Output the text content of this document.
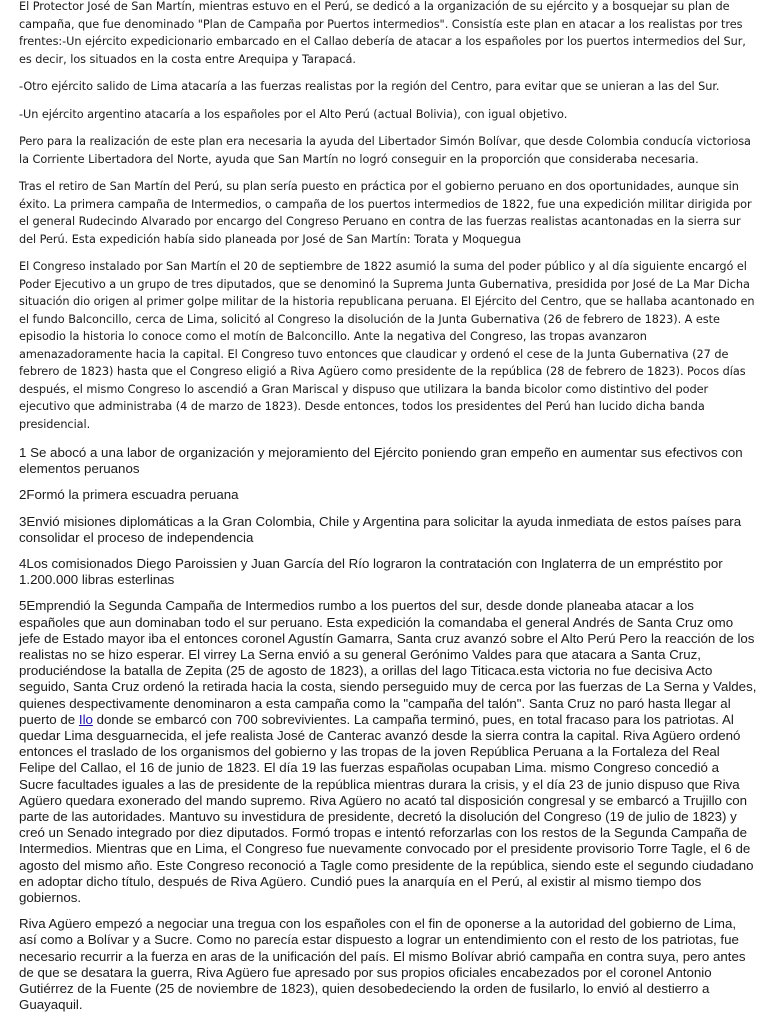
El Protector José de San Martín, mientras estuvo en el Perú, se dedicó a la organización de su ejército y a bosquejar su plan de campaña, que fue denominado "Plan de Campaña por Puertos intermedios". Consistía este plan en atacar a los realistas por tres frentes:-Un ejército expedicionario embarcado en el Callao debería de atacar a los españoles por los puertos intermedios del Sur, es decir, los situados en la costa entre Arequipa y Tarapacá.

-Otro ejército salido de Lima atacaría a las fuerzas realistas por la región del Centro, para evitar que se unieran a las del Sur.

-Un ejército argentino atacaría a los españoles por el Alto Perú (actual Bolivia), con igual objetivo.

Pero para la realización de este plan era necesaria la ayuda del Libertador Simón Bolívar, que desde Colombia conducía victoriosa la Corriente Libertadora del Norte, ayuda que San Martín no logró conseguir en la proporción que consideraba necesaria.

Tras el retiro de San Martín del Perú, su plan sería puesto en práctica por el gobierno peruano en dos oportunidades, aunque sin éxito. La primera campaña de Intermedios, o campaña de los puertos intermedios de 1822, fue una expedición militar dirigida por el general Rudecindo Alvarado por encargo del Congreso Peruano en contra de las fuerzas realistas acantonadas en la sierra sur del Perú. Esta expedición había sido planeada por José de San Martín: Torata y Moquegua

El Congreso instalado por San Martín el 20 de septiembre de 1822 asumió la suma del poder público y al día siguiente encargó el Poder Ejecutivo a un grupo de tres diputados, que se denominó la Suprema Junta Gubernativa, presidida por José de La Mar Dicha situación dio origen al primer golpe militar de la historia republicana peruana. El Ejército del Centro, que se hallaba acantonado en el fundo Balconcillo, cerca de Lima, solicitó al Congreso la disolución de la Junta Gubernativa (26 de febrero de 1823). A este episodio la historia lo conoce como el motín de Balconcillo. Ante la negativa del Congreso, las tropas avanzaron amenazadoramente hacia la capital. El Congreso tuvo entonces que claudicar y ordenó el cese de la Junta Gubernativa (27 de febrero de 1823) hasta que el Congreso eligió a Riva Agüero como presidente de la república (28 de febrero de 1823). Pocos días después, el mismo Congreso lo ascendió a Gran Mariscal y dispuso que utilizara la banda bicolor como distintivo del poder ejecutivo que administraba (4 de marzo de 1823). Desde entonces, todos los presidentes del Perú han lucido dicha banda presidencial.

1 Se abocó a una labor de organización y mejoramiento del Ejército poniendo gran empeño en aumentar sus efectivos con elementos peruanos

2Formó la primera escuadra peruana

3Envió misiones diplomáticas a la Gran Colombia, Chile y Argentina para solicitar la ayuda inmediata de estos países para consolidar el proceso de independencia

4Los comisionados Diego Paroissien y Juan García del Río lograron la contratación con Inglaterra de un empréstito por 1.200.000 libras esterlinas

5Emprendió la Segunda Campaña de Intermedios rumbo a los puertos del sur, desde donde planeaba atacar a los españoles que aun dominaban todo el sur peruano. Esta expedición la comandaba el general Andrés de Santa Cruz omo jefe de Estado mayor iba el entonces coronel Agustín Gamarra, Santa cruz avanzó sobre el Alto Perú Pero la reacción de los realistas no se hizo esperar. El virrey La Serna envió a su general Gerónimo Valdes para que atacara a Santa Cruz, produciéndose la batalla de Zepita (25 de agosto de 1823), a orillas del lago Titicaca.esta victoria no fue decisiva Acto seguido, Santa Cruz ordenó la retirada hacia la costa, siendo perseguido muy de cerca por las fuerzas de La Serna y Valdes, quienes despectivamente denominaron a esta campaña como la "campaña del talón". Santa Cruz no paró hasta llegar al puerto de Ilo donde se embarcó con 700 sobrevivientes. La campaña terminó, pues, en total fracaso para los patriotas. Al quedar Lima desguarnecida, el jefe realista José de Canterac avanzó desde la sierra contra la capital. Riva Agüero ordenó entonces el traslado de los organismos del gobierno y las tropas de la joven República Peruana a la Fortaleza del Real Felipe del Callao, el 16 de junio de 1823. El día 19 las fuerzas españolas ocupaban Lima. mismo Congreso concedió a Sucre facultades iguales a las de presidente de la república mientras durara la crisis, y el día 23 de junio dispuso que Riva Agüero quedara exonerado del mando supremo. Riva Agüero no acató tal disposición congresal y se embarcó a Trujillo con parte de las autoridades. Mantuvo su investidura de presidente, decretó la disolución del Congreso (19 de julio de 1823) y creó un Senado integrado por diez diputados. Formó tropas e intentó reforzarlas con los restos de la Segunda Campaña de Intermedios. Mientras que en Lima, el Congreso fue nuevamente convocado por el presidente provisorio Torre Tagle, el 6 de agosto del mismo año. Este Congreso reconoció a Tagle como presidente de la república, siendo este el segundo ciudadano en adoptar dicho título, después de Riva Agüero. Cundió pues la anarquía en el Perú, al existir al mismo tiempo dos gobiernos.

Riva Agüero empezó a negociar una tregua con los españoles con el fin de oponerse a la autoridad del gobierno de Lima, así como a Bolívar y a Sucre. Como no parecía estar dispuesto a lograr un entendimiento con el resto de los patriotas, fue necesario recurrir a la fuerza en aras de la unificación del país. El mismo Bolívar abrió campaña en contra suya, pero antes de que se desatara la guerra, Riva Agüero fue apresado por sus propios oficiales encabezados por el coronel Antonio Gutiérrez de la Fuente (25 de noviembre de 1823), quien desobedeciendo la orden de fusilarlo, lo envió al destierro a Guayaquil.
